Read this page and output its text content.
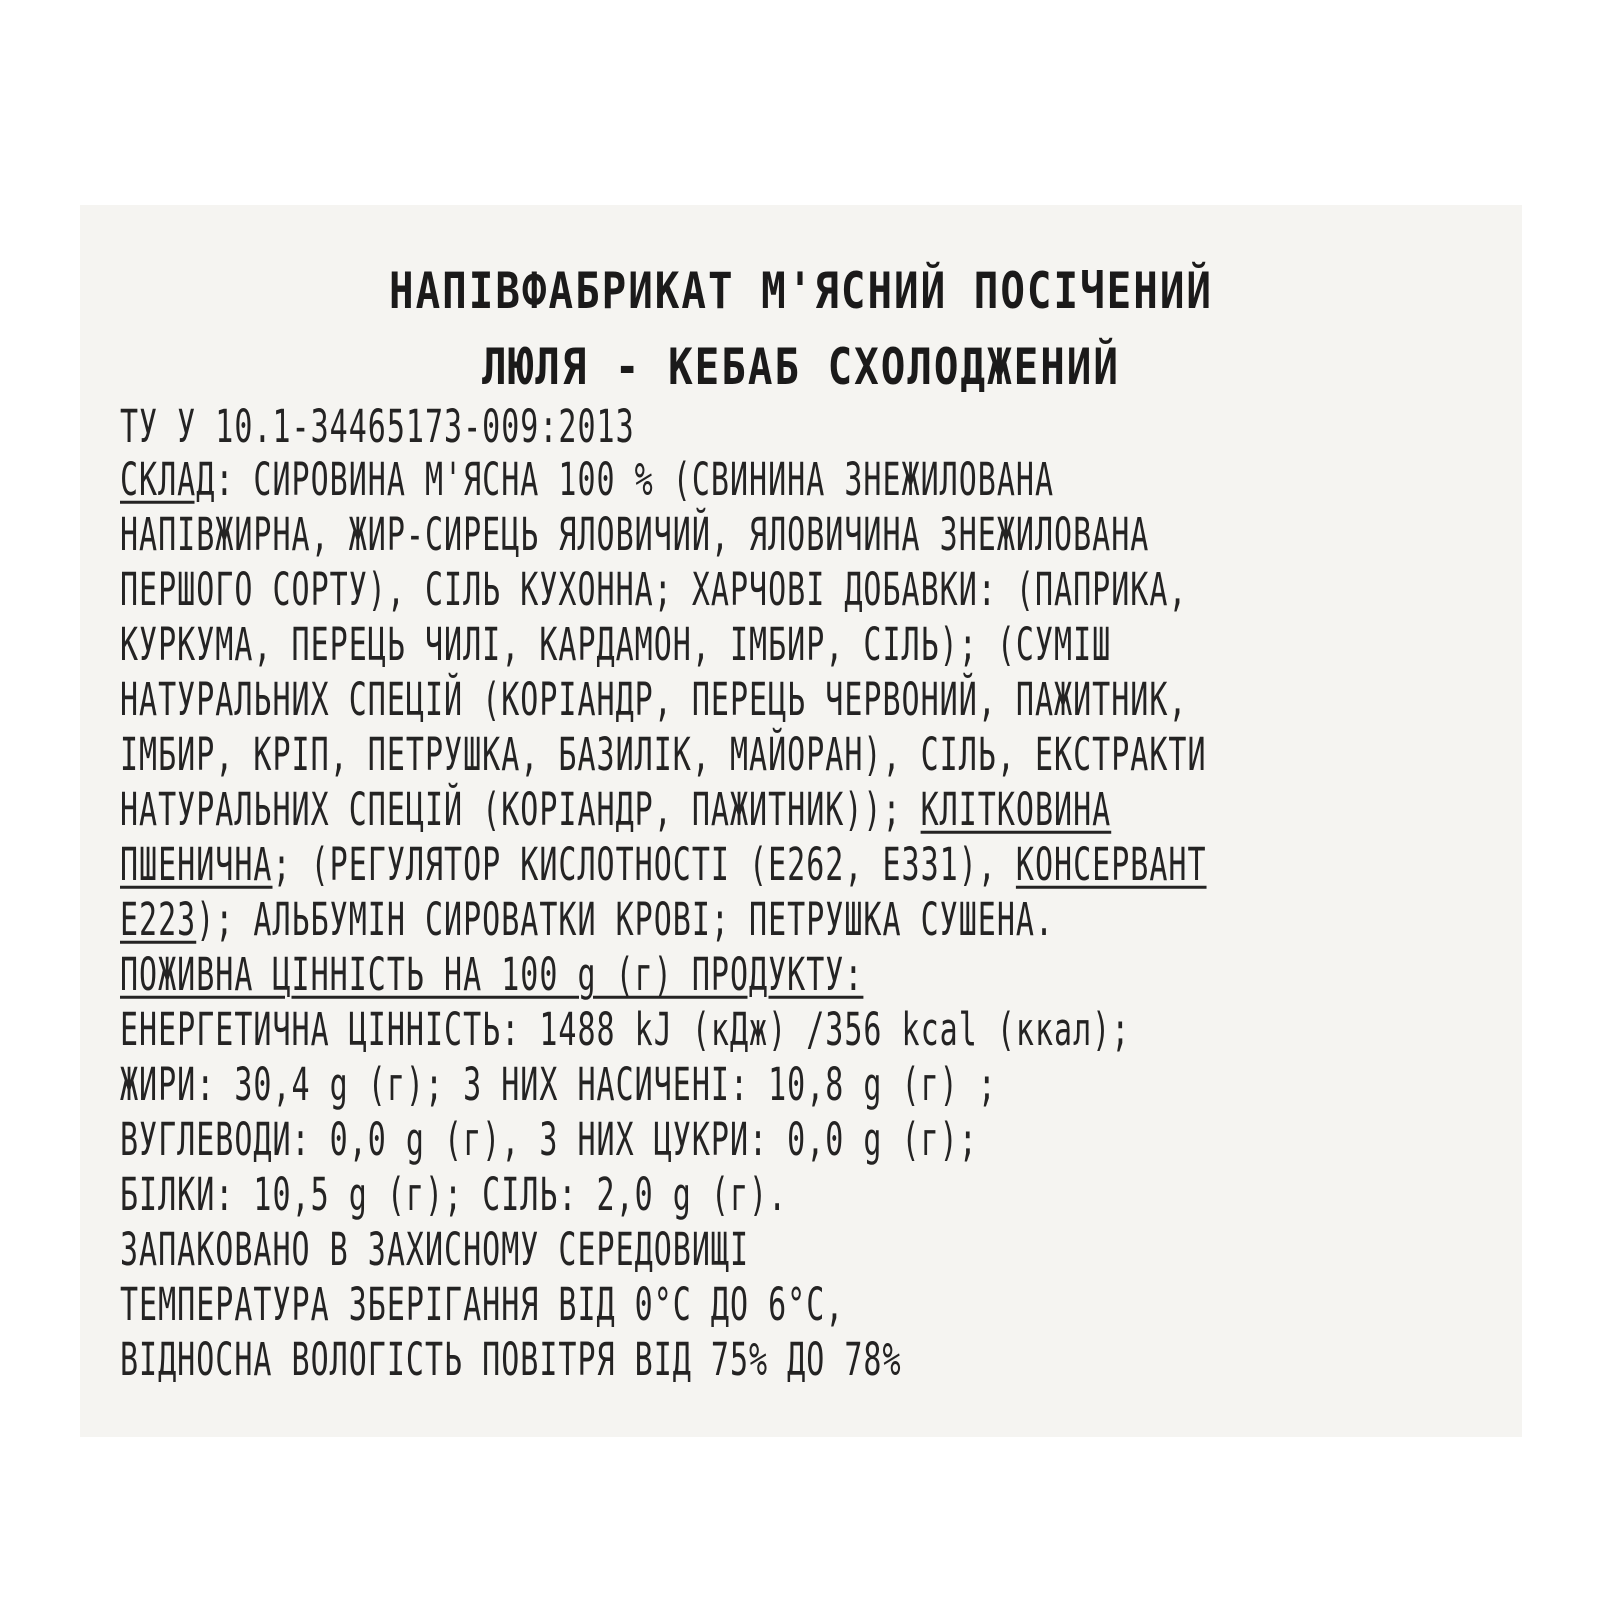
НАПІВФАБРИКАТ М'ЯСНИЙ ПОСІЧЕНИЙ
ЛЮЛЯ - КЕБАБ СХОЛОДЖЕНИЙ
ТУ У 10.1-34465173-009:2013
СКЛАД: СИРОВИНА М'ЯСНА 100 % (СВИНИНА ЗНЕЖИЛОВАНА
НАПІВЖИРНА, ЖИР-СИРЕЦЬ ЯЛОВИЧИЙ, ЯЛОВИЧИНА ЗНЕЖИЛОВАНА
ПЕРШОГО СОРТУ), СІЛЬ КУХОННА; ХАРЧОВІ ДОБАВКИ: (ПАПРИКА,
КУРКУМА, ПЕРЕЦЬ ЧИЛІ, КАРДАМОН, ІМБИР, СІЛЬ); (СУМІШ
НАТУРАЛЬНИХ СПЕЦІЙ (КОРІАНДР, ПЕРЕЦЬ ЧЕРВОНИЙ, ПАЖИТНИК,
ІМБИР, КРІП, ПЕТРУШКА, БАЗИЛІК, МАЙОРАН), СІЛЬ, ЕКСТРАКТИ
НАТУРАЛЬНИХ СПЕЦІЙ (КОРІАНДР, ПАЖИТНИК)); КЛІТКОВИНА
ПШЕНИЧНА; (РЕГУЛЯТОР КИСЛОТНОСТІ (Е262, Е331), КОНСЕРВАНТ
Е223); АЛЬБУМІН СИРОВАТКИ КРОВІ; ПЕТРУШКА СУШЕНА.
ПОЖИВНА ЦІННІСТЬ НА 100 g (г) ПРОДУКТУ:
ЕНЕРГЕТИЧНА ЦІННІСТЬ: 1488 kJ (кДж) /356 kcal (ккал);
ЖИРИ: 30,4 g (г); З НИХ НАСИЧЕНІ: 10,8 g (г) ;
ВУГЛЕВОДИ: 0,0 g (г), З НИХ ЦУКРИ: 0,0 g (г);
БІЛКИ: 10,5 g (г); СІЛЬ: 2,0 g (г).
ЗАПАКОВАНО В ЗАХИСНОМУ СЕРЕДОВИЩІ
ТЕМПЕРАТУРА ЗБЕРІГАННЯ ВІД 0°С ДО 6°С,
ВІДНОСНА ВОЛОГІСТЬ ПОВІТРЯ ВІД 75% ДО 78%
